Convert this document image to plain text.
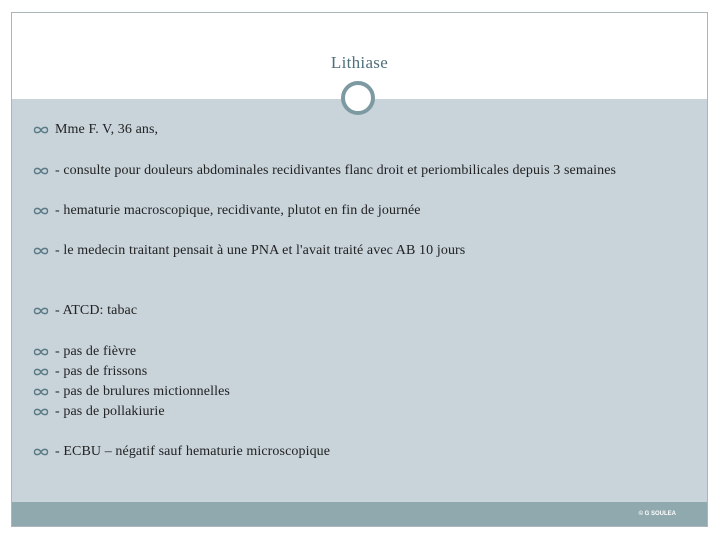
Lithiase
© G SOULEA
Mme F. V, 36 ans,
- consulte pour douleurs abdominales recidivantes flanc droit et periombilicales depuis 3 semaines
- hematurie macroscopique, recidivante, plutot en fin de journée
- le medecin traitant pensait à une PNA et l'avait traité avec AB 10 jours
- ATCD: tabac
- pas de fièvre
- pas de frissons
- pas de brulures mictionnelles
- pas de pollakiurie
- ECBU – négatif sauf hematurie microscopique
